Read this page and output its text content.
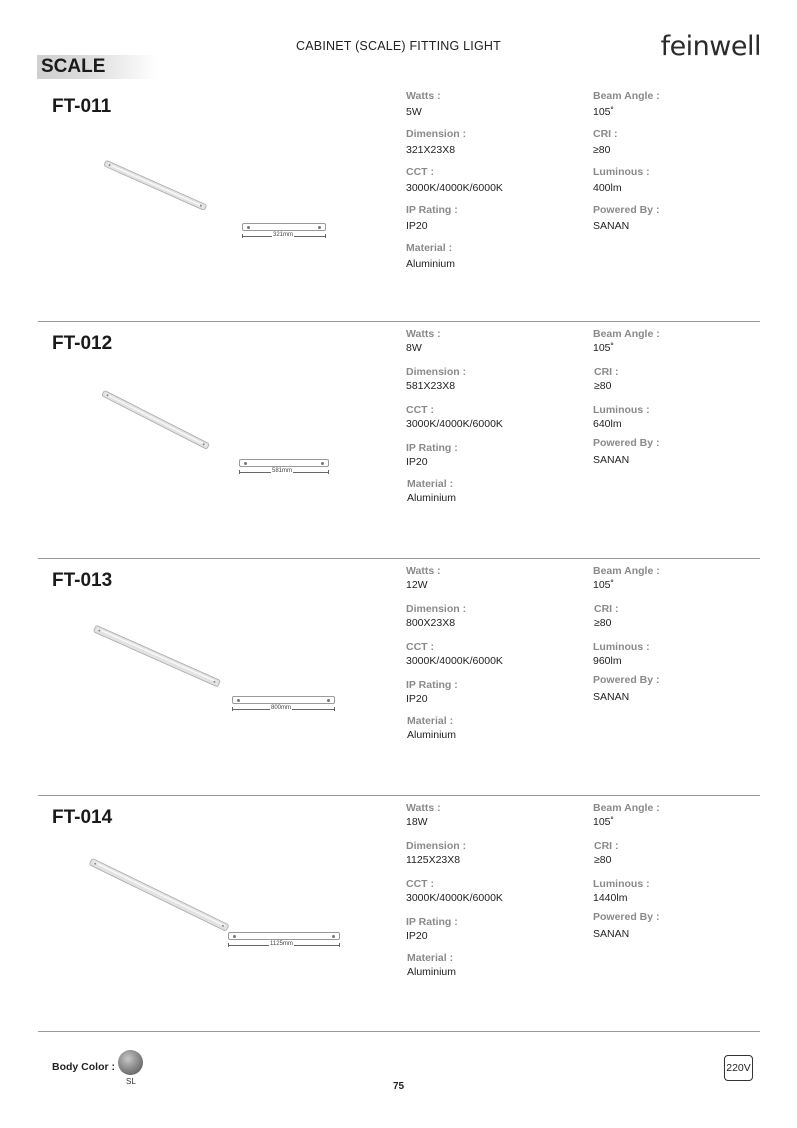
CABINET (SCALE) FITTING LIGHT	feinwell
SCALE
FT-011
321mm
Watts :
5W
Dimension :
321X23X8
CCT :
3000K/4000K/6000K
IP Rating :
IP20
Material :
Aluminium
Beam Angle :
105˚
CRI :
≥80
Luminous :
400lm
Powered By :
SANAN
FT-012
581mm
Watts :
8W
Dimension :
581X23X8
CCT :
3000K/4000K/6000K
IP Rating :
IP20
Material :
Aluminium
Beam Angle :
105˚
CRI :
≥80
Luminous :
640lm
Powered By :
SANAN
FT-013
800mm
Watts :
12W
Dimension :
800X23X8
CCT :
3000K/4000K/6000K
IP Rating :
IP20
Material :
Aluminium
Beam Angle :
105˚
CRI :
≥80
Luminous :
960lm
Powered By :
SANAN
FT-014
1125mm
Watts :
18W
Dimension :
1125X23X8
CCT :
3000K/4000K/6000K
IP Rating :
IP20
Material :
Aluminium
Beam Angle :
105˚
CRI :
≥80
Luminous :
1440lm
Powered By :
SANAN
Body Color :
SL	75
220V
